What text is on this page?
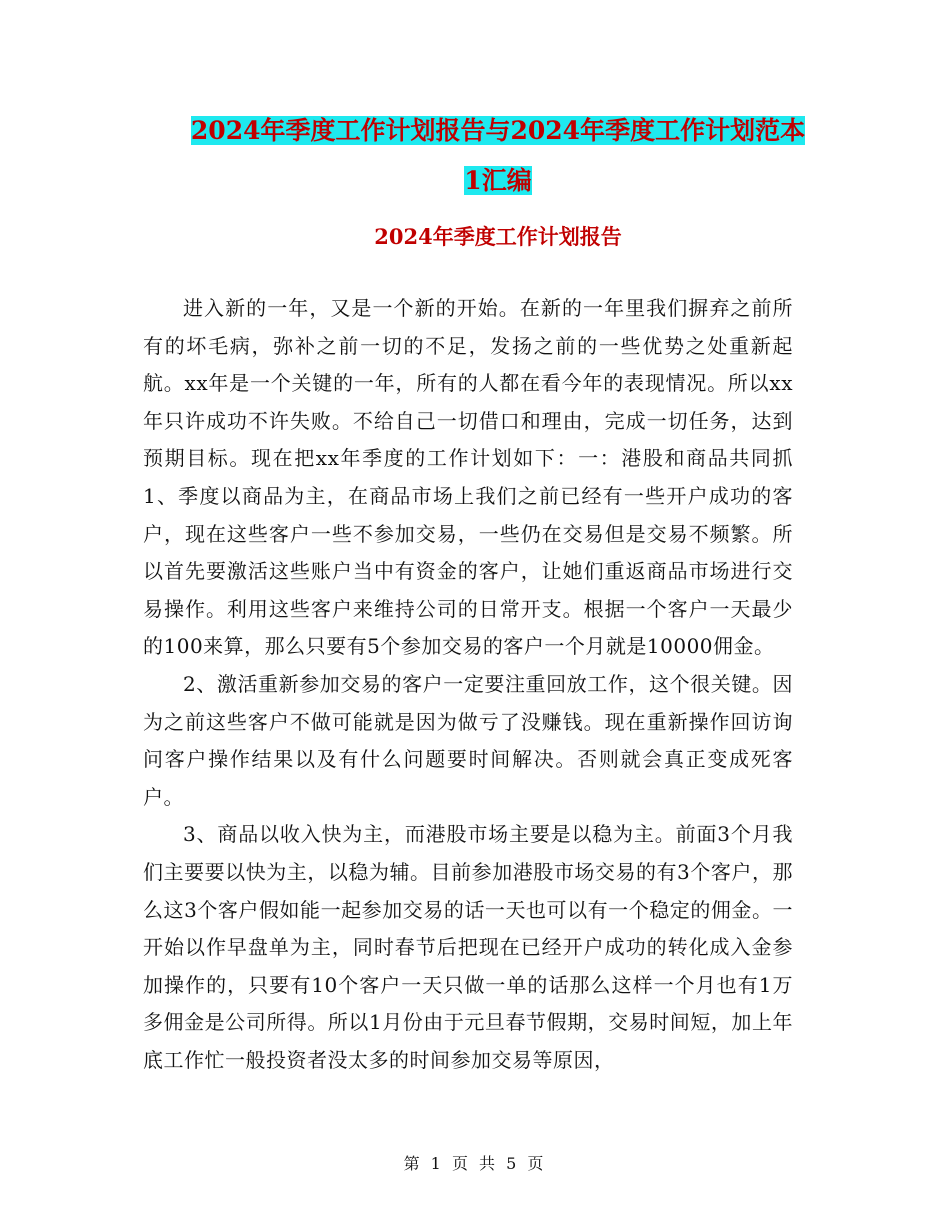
2024年季度工作计划报告与2024年季度工作计划范本
1汇编
2024年季度工作计划报告

进入新的一年，又是一个新的开始。在新的一年里我们摒弃之前所有的坏毛病，弥补之前一切的不足，发扬之前的一些优势之处重新起航。xx年是一个关键的一年，所有的人都在看今年的表现情况。所以xx年只许成功不许失败。不给自己一切借口和理由，完成一切任务，达到预期目标。现在把xx年季度的工作计划如下：一：港股和商品共同抓1、季度以商品为主，在商品市场上我们之前已经有一些开户成功的客户，现在这些客户一些不参加交易，一些仍在交易但是交易不频繁。所以首先要激活这些账户当中有资金的客户，让她们重返商品市场进行交易操作。利用这些客户来维持公司的日常开支。根据一个客户一天最少的100来算，那么只要有5个参加交易的客户一个月就是10000佣金。

2、激活重新参加交易的客户一定要注重回放工作，这个很关键。因为之前这些客户不做可能就是因为做亏了没赚钱。现在重新操作回访询问客户操作结果以及有什么问题要时间解决。否则就会真正变成死客户。

3、商品以收入快为主，而港股市场主要是以稳为主。前面3个月我们主要要以快为主，以稳为辅。目前参加港股市场交易的有3个客户，那么这3个客户假如能一起参加交易的话一天也可以有一个稳定的佣金。一开始以作早盘单为主，同时春节后把现在已经开户成功的转化成入金参加操作的，只要有10个客户一天只做一单的话那么这样一个月也有1万多佣金是公司所得。所以1月份由于元旦春节假期，交易时间短，加上年底工作忙一般投资者没太多的时间参加交易等原因，

第 1 页 共 5 页
